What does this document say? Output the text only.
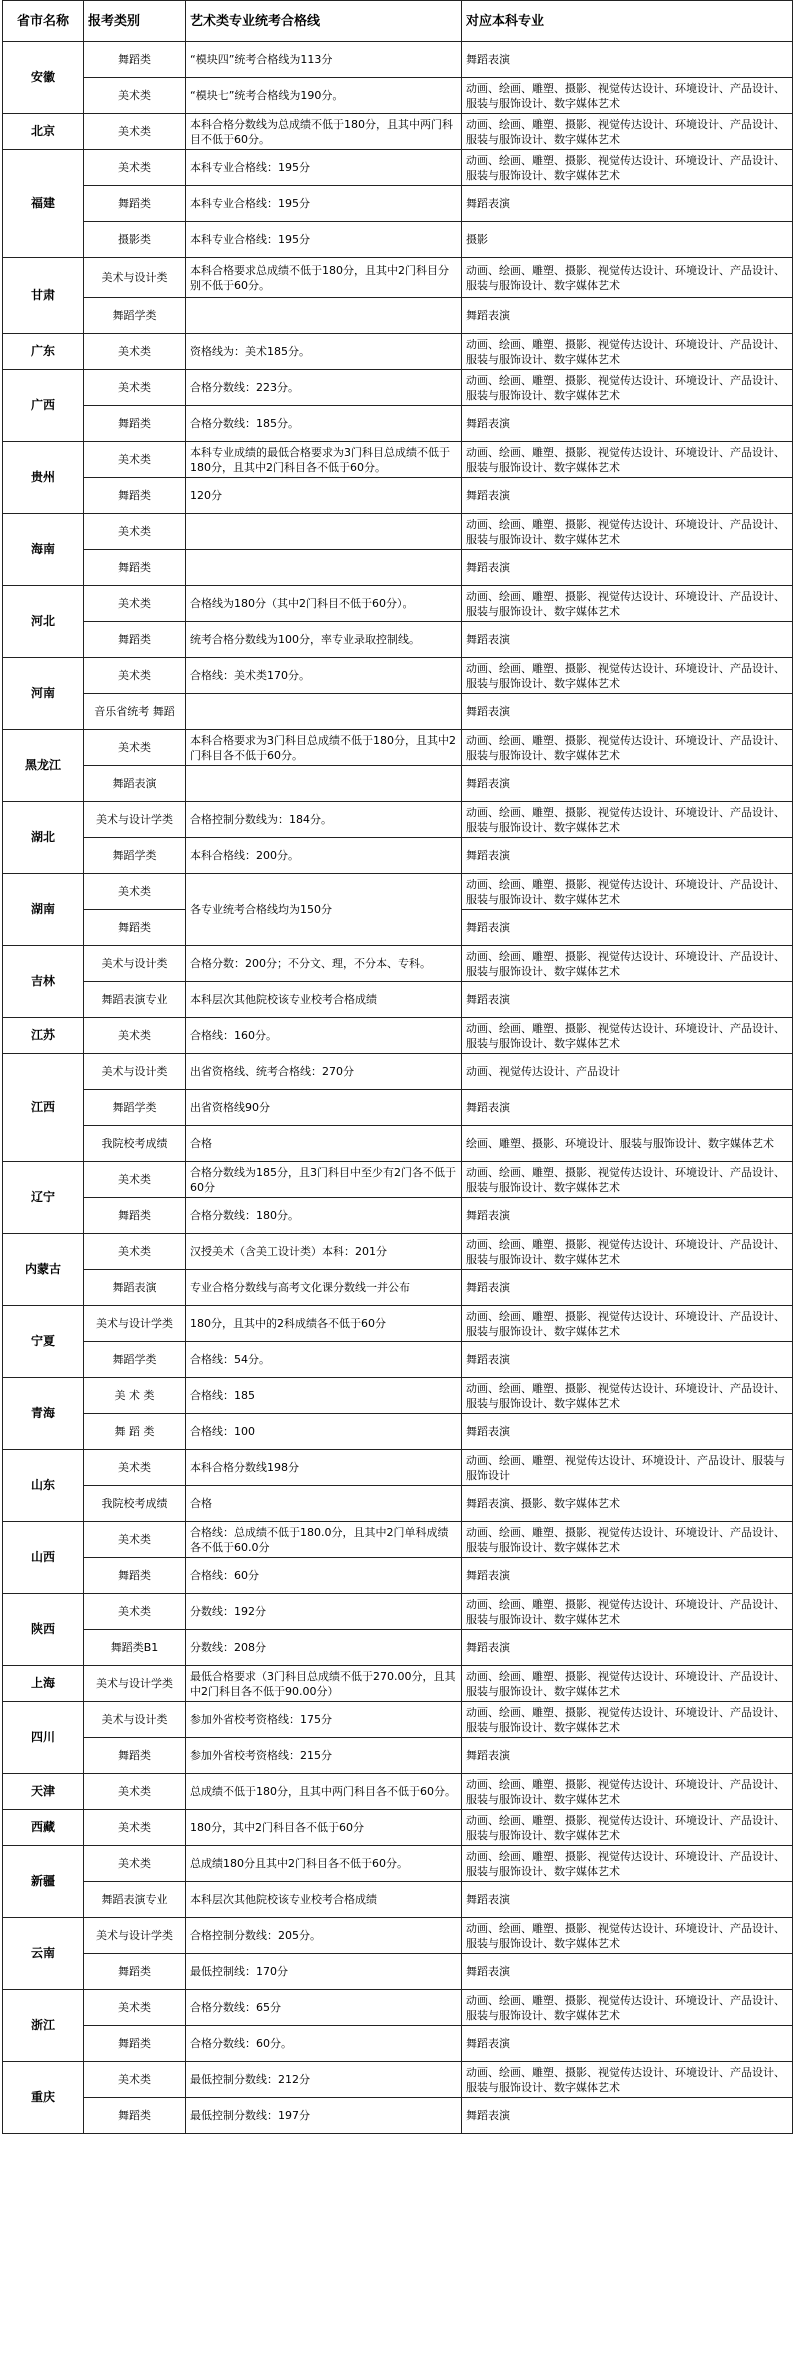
省市名称	报考类别	艺术类专业统考合格线	对应本科专业
安徽	舞蹈类	“模块四”统考合格线为113分	舞蹈表演
	美术类	“模块七”统考合格线为190分。	动画、绘画、雕塑、摄影、视觉传达设计、环境设计、产品设计、服装与服饰设计、数字媒体艺术
北京	美术类	本科合格分数线为总成绩不低于180分，且其中两门科目不低于60分。	动画、绘画、雕塑、摄影、视觉传达设计、环境设计、产品设计、服装与服饰设计、数字媒体艺术
福建	美术类	本科专业合格线：195分	动画、绘画、雕塑、摄影、视觉传达设计、环境设计、产品设计、服装与服饰设计、数字媒体艺术
	舞蹈类	本科专业合格线：195分	舞蹈表演
	摄影类	本科专业合格线：195分	摄影
甘肃	美术与设计类	本科合格要求总成绩不低于180分，且其中2门科目分别不低于60分。	动画、绘画、雕塑、摄影、视觉传达设计、环境设计、产品设计、服装与服饰设计、数字媒体艺术
	舞蹈学类		舞蹈表演
广东	美术类	资格线为：美术185分。	动画、绘画、雕塑、摄影、视觉传达设计、环境设计、产品设计、服装与服饰设计、数字媒体艺术
广西	美术类	合格分数线：223分。	动画、绘画、雕塑、摄影、视觉传达设计、环境设计、产品设计、服装与服饰设计、数字媒体艺术
	舞蹈类	合格分数线：185分。	舞蹈表演
贵州	美术类	本科专业成绩的最低合格要求为3门科目总成绩不低于180分，且其中2门科目各不低于60分。	动画、绘画、雕塑、摄影、视觉传达设计、环境设计、产品设计、服装与服饰设计、数字媒体艺术
	舞蹈类	120分	舞蹈表演
海南	美术类		动画、绘画、雕塑、摄影、视觉传达设计、环境设计、产品设计、服装与服饰设计、数字媒体艺术
	舞蹈类		舞蹈表演
河北	美术类	合格线为180分（其中2门科目不低于60分）。	动画、绘画、雕塑、摄影、视觉传达设计、环境设计、产品设计、服装与服饰设计、数字媒体艺术
	舞蹈类	统考合格分数线为100分，率专业录取控制线。	舞蹈表演
河南	美术类	合格线：美术类170分。	动画、绘画、雕塑、摄影、视觉传达设计、环境设计、产品设计、服装与服饰设计、数字媒体艺术
	音乐省统考 舞蹈		舞蹈表演
黑龙江	美术类	本科合格要求为3门科目总成绩不低于180分，且其中2门科目各不低于60分。	动画、绘画、雕塑、摄影、视觉传达设计、环境设计、产品设计、服装与服饰设计、数字媒体艺术
	舞蹈表演		舞蹈表演
湖北	美术与设计学类	合格控制分数线为：184分。	动画、绘画、雕塑、摄影、视觉传达设计、环境设计、产品设计、服装与服饰设计、数字媒体艺术
	舞蹈学类	本科合格线：200分。	舞蹈表演
湖南	美术类	各专业统考合格线均为150分	动画、绘画、雕塑、摄影、视觉传达设计、环境设计、产品设计、服装与服饰设计、数字媒体艺术
	舞蹈类		舞蹈表演
吉林	美术与设计类	合格分数：200分；不分文、理，不分本、专科。	动画、绘画、雕塑、摄影、视觉传达设计、环境设计、产品设计、服装与服饰设计、数字媒体艺术
	舞蹈表演专业	本科层次其他院校该专业校考合格成绩	舞蹈表演
江苏	美术类	合格线：160分。	动画、绘画、雕塑、摄影、视觉传达设计、环境设计、产品设计、服装与服饰设计、数字媒体艺术
江西	美术与设计类	出省资格线、统考合格线：270分	动画、视觉传达设计、产品设计
	舞蹈学类	出省资格线90分	舞蹈表演
	我院校考成绩	合格	绘画、雕塑、摄影、环境设计、服装与服饰设计、数字媒体艺术
辽宁	美术类	合格分数线为185分，且3门科目中至少有2门各不低于60分	动画、绘画、雕塑、摄影、视觉传达设计、环境设计、产品设计、服装与服饰设计、数字媒体艺术
	舞蹈类	合格分数线：180分。	舞蹈表演
内蒙古	美术类	汉授美术（含美工设计类）本科：201分	动画、绘画、雕塑、摄影、视觉传达设计、环境设计、产品设计、服装与服饰设计、数字媒体艺术
	舞蹈表演	专业合格分数线与高考文化课分数线一并公布	舞蹈表演
宁夏	美术与设计学类	180分，且其中的2科成绩各不低于60分	动画、绘画、雕塑、摄影、视觉传达设计、环境设计、产品设计、服装与服饰设计、数字媒体艺术
	舞蹈学类	合格线：54分。	舞蹈表演
青海	美 术 类	合格线：185	动画、绘画、雕塑、摄影、视觉传达设计、环境设计、产品设计、服装与服饰设计、数字媒体艺术
	舞 蹈 类	合格线：100	舞蹈表演
山东	美术类	本科合格分数线198分	动画、绘画、雕塑、视觉传达设计、环境设计、产品设计、服装与服饰设计
	我院校考成绩	合格	舞蹈表演、摄影、数字媒体艺术
山西	美术类	合格线：总成绩不低于180.0分，且其中2门单科成绩各不低于60.0分	动画、绘画、雕塑、摄影、视觉传达设计、环境设计、产品设计、服装与服饰设计、数字媒体艺术
	舞蹈类	合格线：60分	舞蹈表演
陕西	美术类	分数线：192分	动画、绘画、雕塑、摄影、视觉传达设计、环境设计、产品设计、服装与服饰设计、数字媒体艺术
	舞蹈类B1	分数线：208分	舞蹈表演
上海	美术与设计学类	最低合格要求（3门科目总成绩不低于270.00分，且其中2门科目各不低于90.00分）	动画、绘画、雕塑、摄影、视觉传达设计、环境设计、产品设计、服装与服饰设计、数字媒体艺术
四川	美术与设计类	参加外省校考资格线：175分	动画、绘画、雕塑、摄影、视觉传达设计、环境设计、产品设计、服装与服饰设计、数字媒体艺术
	舞蹈类	参加外省校考资格线：215分	舞蹈表演
天津	美术类	总成绩不低于180分，且其中两门科目各不低于60分。	动画、绘画、雕塑、摄影、视觉传达设计、环境设计、产品设计、服装与服饰设计、数字媒体艺术
西藏	美术类	180分，其中2门科目各不低于60分	动画、绘画、雕塑、摄影、视觉传达设计、环境设计、产品设计、服装与服饰设计、数字媒体艺术
新疆	美术类	总成绩180分且其中2门科目各不低于60分。	动画、绘画、雕塑、摄影、视觉传达设计、环境设计、产品设计、服装与服饰设计、数字媒体艺术
	舞蹈表演专业	本科层次其他院校该专业校考合格成绩	舞蹈表演
云南	美术与设计学类	合格控制分数线：205分。	动画、绘画、雕塑、摄影、视觉传达设计、环境设计、产品设计、服装与服饰设计、数字媒体艺术
	舞蹈类	最低控制线：170分	舞蹈表演
浙江	美术类	合格分数线：65分	动画、绘画、雕塑、摄影、视觉传达设计、环境设计、产品设计、服装与服饰设计、数字媒体艺术
	舞蹈类	合格分数线：60分。	舞蹈表演
重庆	美术类	最低控制分数线：212分	动画、绘画、雕塑、摄影、视觉传达设计、环境设计、产品设计、服装与服饰设计、数字媒体艺术
	舞蹈类	最低控制分数线：197分	舞蹈表演
